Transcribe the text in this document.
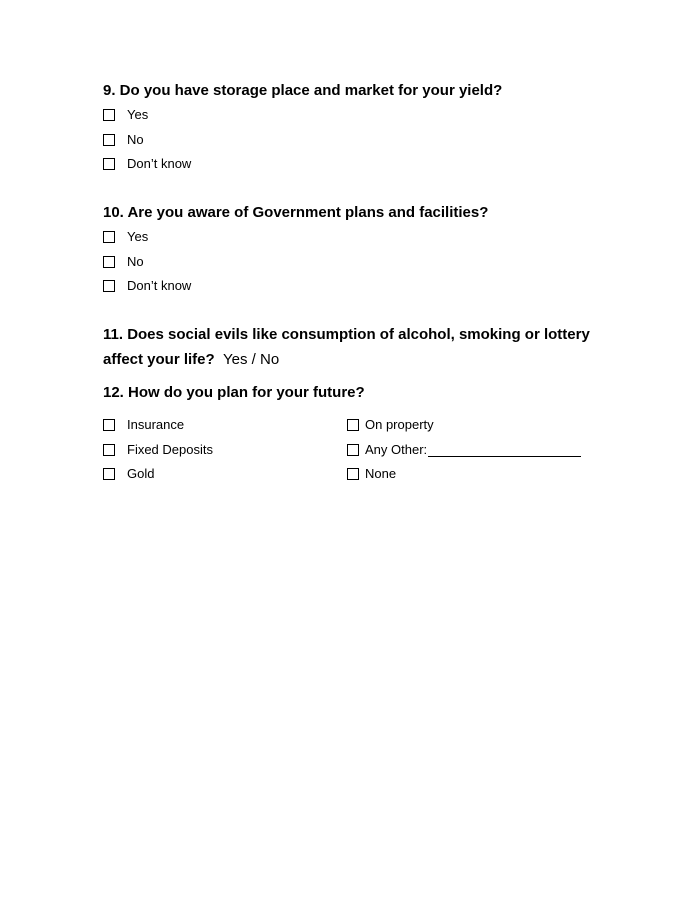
9. Do you have storage place and market for your yield?
Yes
No
Don’t know
10. Are you aware of Government plans and facilities?
Yes
No
Don’t know
11. Does social evils like consumption of alcohol, smoking or lottery
affect your life? Yes / No
12. How do you plan for your future?
Insurance
Fixed Deposits
Gold
On property
Any Other:
None
